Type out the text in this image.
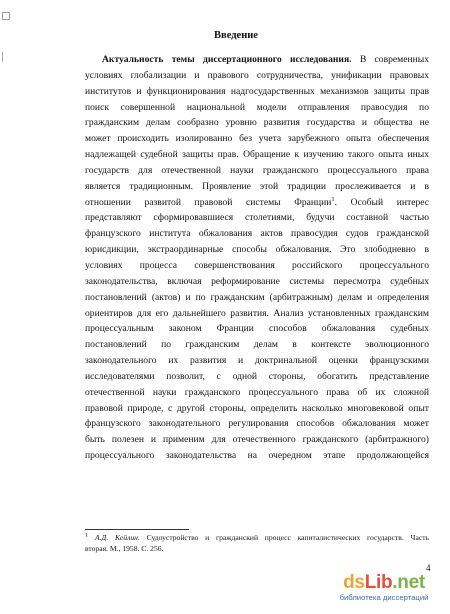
Введение
Актуальность темы диссертационного исследования. В современных
условиях глобализации и правового сотрудничества, унификации правовых
институтов и функционирования надгосударственных механизмов защиты прав
поиск совершенной национальной модели отправления правосудия по
гражданским делам сообразно уровню развития государства и общества не
может происходить изолированно без учета зарубежного опыта обеспечения
надлежащей судебной защиты прав. Обращение к изучению такого опыта иных
государств для отечественной науки гражданского процессуального права
является традиционным. Проявление этой традиции прослеживается и в
отношении развитой правовой системы Франции$^1$. Особый интерес
представляют сформировавшиеся столетиями, будучи составной частью
французского института обжалования актов правосудия судов гражданской
юрисдикции, экстраординарные способы обжалования. Это злободневно в
условиях процесса совершенствования российского процессуального
законодательства, включая реформирование системы пересмотра судебных
постановлений (актов) и по гражданским (арбитражным) делам и определения
ориентиров для его дальнейшего развития. Анализ установленных гражданским
процессуальным законом Франции способов обжалования судебных
постановлений по гражданским делам в контексте эволюционного
законодательного их развития и доктринальной оценки французскими
исследователями позволит, с одной стороны, обогатить представление
отечественной науки гражданского процессуального права об их сложной
правовой природе, с другой стороны, определить насколько многовековой опыт
французского законодательного регулирования способов обжалования может
быть полезен и применим для отечественного гражданского (арбитражного)
процессуального законодательства на очередном этапе продолжающейся
1 А.Д. Кейлин. Судоустройство и гражданский процесс капиталистических государств. Часть
вторая. М., 1958. С. 256.
4
dsLib.net
библиотека диссертаций
